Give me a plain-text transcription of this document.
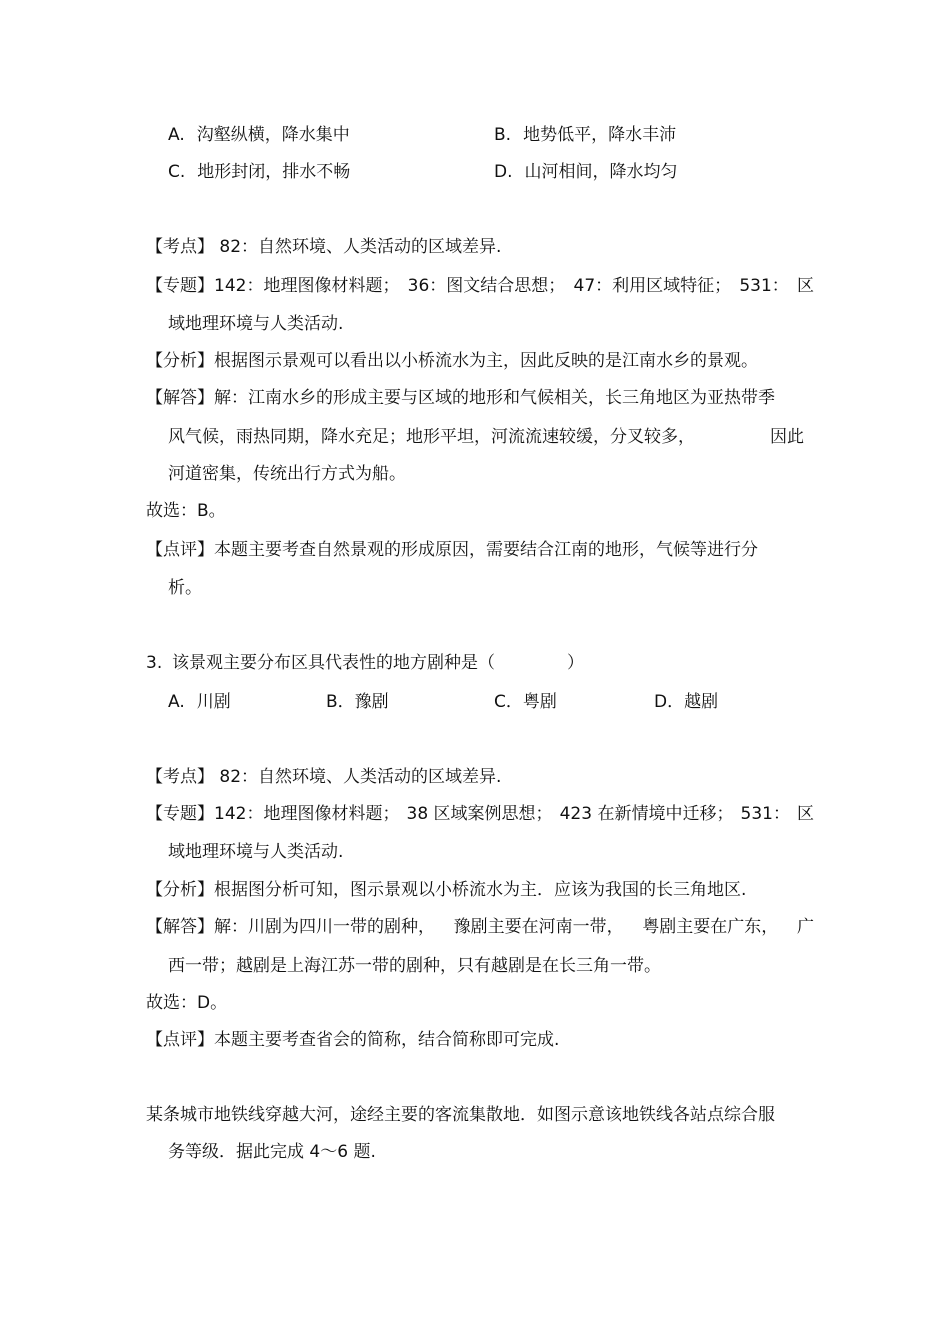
A. 沟壑纵横，降水集中	B. 地势低平，降水丰沛
C. 地形封闭，排水不畅	D. 山河相间，降水均匀
【考点】 82：自然环境、人类活动的区域差异.
【专题】142：地理图像材料题； 36：图文结合思想； 47：利用区域特征； 531： 区
域地理环境与人类活动.
【分析】根据图示景观可以看出以小桥流水为主，因此反映的是江南水乡的景观。
【解答】解：江南水乡的形成主要与区域的地形和气候相关，长三角地区为亚热带季
风气候，雨热同期，降水充足；地形平坦，河流流速较缓，分叉较多，	因此
河道密集，传统出行方式为船。
故选：B。
【点评】本题主要考查自然景观的形成原因，需要结合江南的地形，气候等进行分
析。
3. 该景观主要分布区具代表性的地方剧种是（	）
A. 川剧	B．豫剧	C．粤剧	D．越剧
【考点】 82：自然环境、人类活动的区域差异.
【专题】142：地理图像材料题； 38 区域案例思想； 423 在新情境中迁移； 531： 区
域地理环境与人类活动.
【分析】根据图分析可知，图示景观以小桥流水为主．应该为我国的长三角地区.
【解答】解：川剧为四川一带的剧种， 豫剧主要在河南一带， 粤剧主要在广东， 广
西一带；越剧是上海江苏一带的剧种，只有越剧是在长三角一带。
故选：D。
【点评】本题主要考查省会的简称，结合简称即可完成.
某条城市地铁线穿越大河，途经主要的客流集散地．如图示意该地铁线各站点综合服
务等级．据此完成 4～6 题.
